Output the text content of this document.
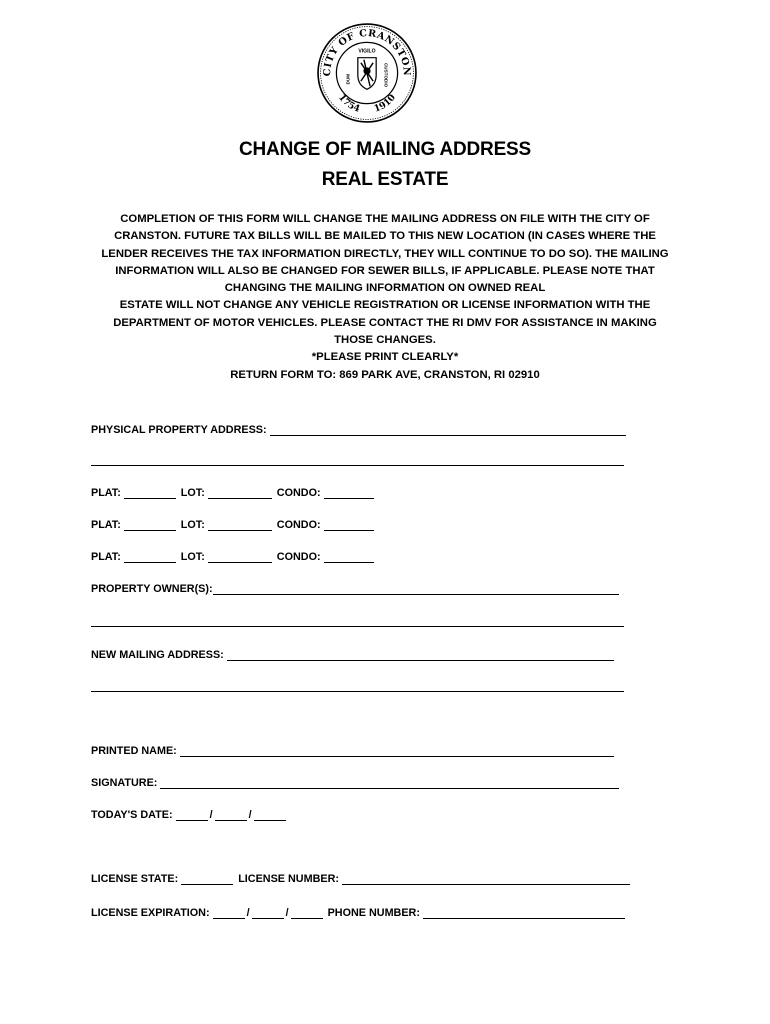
CITY OF CRANSTON
1754 1910
VIGILO
DUM	CUSTODIO
CHANGE OF MAILING ADDRESS
REAL ESTATE
COMPLETION OF THIS FORM WILL CHANGE THE MAILING ADDRESS ON FILE WITH THE CITY OF
CRANSTON. FUTURE TAX BILLS WILL BE MAILED TO THIS NEW LOCATION (IN CASES WHERE THE
LENDER RECEIVES THE TAX INFORMATION DIRECTLY, THEY WILL CONTINUE TO DO SO). THE MAILING
INFORMATION WILL ALSO BE CHANGED FOR SEWER BILLS, IF APPLICABLE. PLEASE NOTE THAT
CHANGING THE MAILING INFORMATION ON OWNED REAL
ESTATE WILL NOT CHANGE ANY VEHICLE REGISTRATION OR LICENSE INFORMATION WITH THE
DEPARTMENT OF MOTOR VEHICLES. PLEASE CONTACT THE RI DMV FOR ASSISTANCE IN MAKING
THOSE CHANGES.
*PLEASE PRINT CLEARLY*
RETURN FORM TO: 869 PARK AVE, CRANSTON, RI 02910
PHYSICAL PROPERTY ADDRESS:
PLAT:	LOT:	CONDO:
PLAT:	LOT:	CONDO:
PLAT:	LOT:	CONDO:
PROPERTY OWNER(S):
NEW MAILING ADDRESS:
PRINTED NAME:
SIGNATURE:
TODAY'S DATE:	/	/
LICENSE STATE:	LICENSE NUMBER:
LICENSE EXPIRATION:	/	/	PHONE NUMBER:
